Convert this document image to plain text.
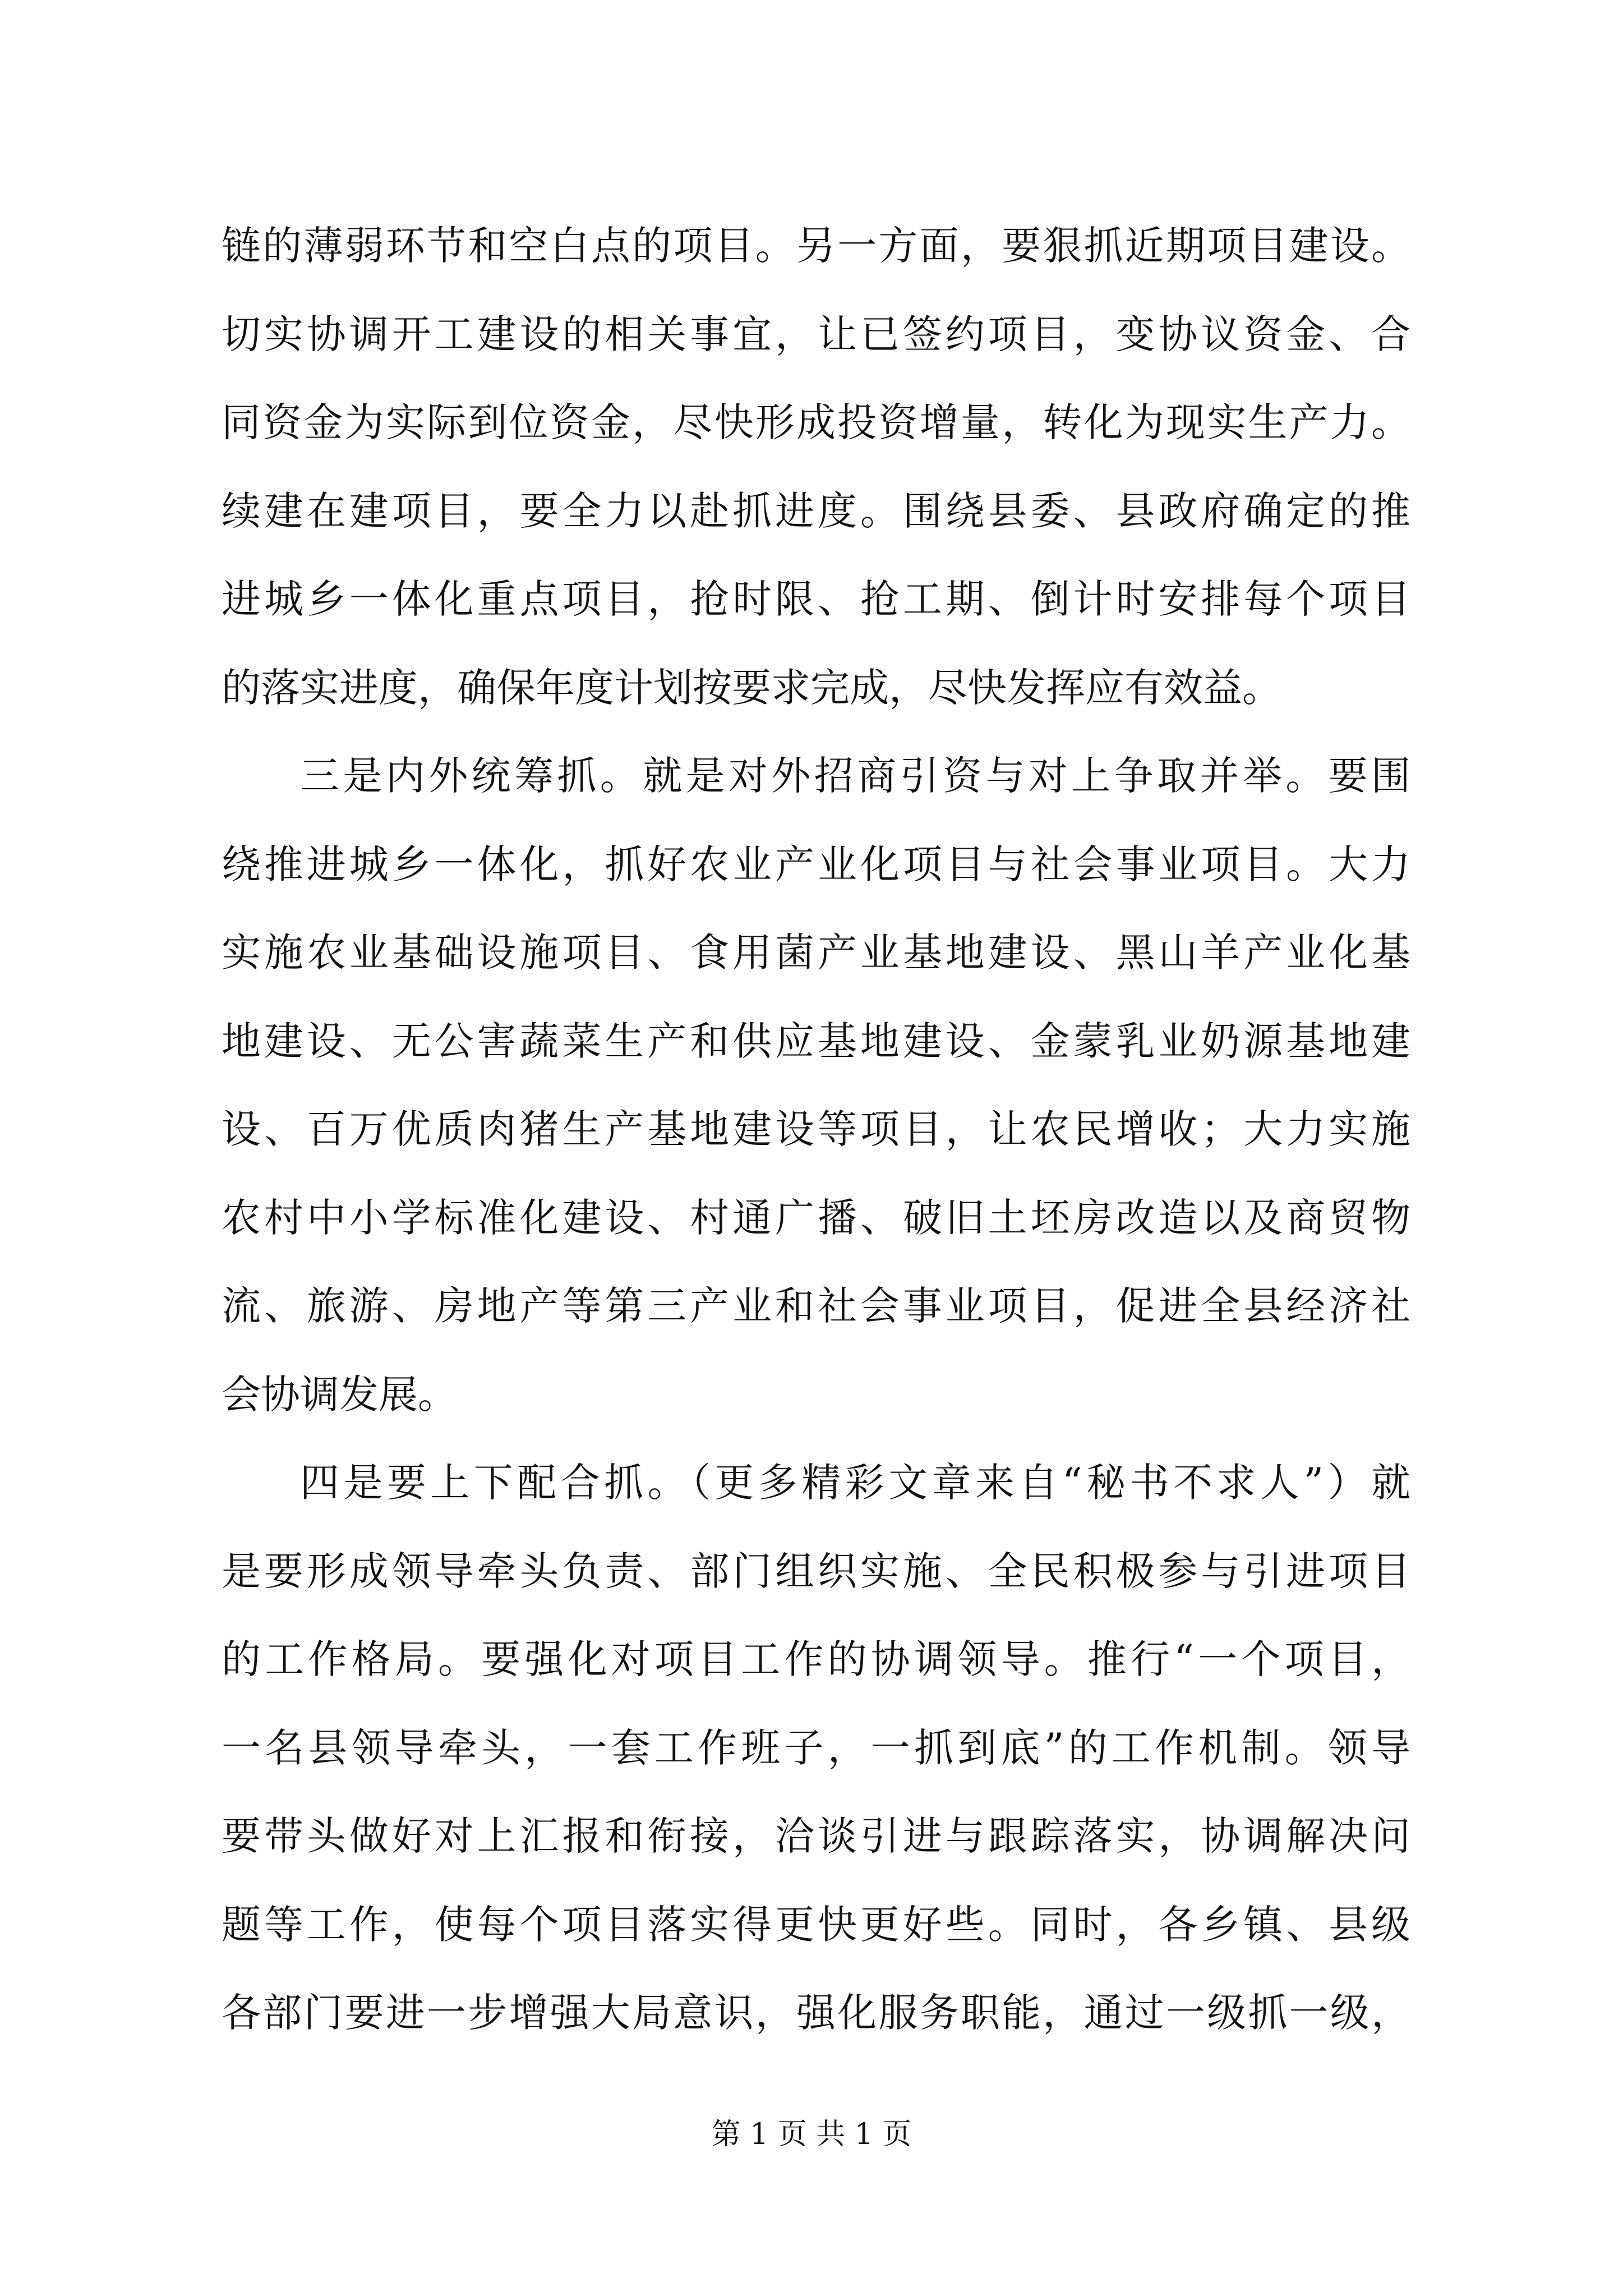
链的薄弱环节和空白点的项目。另一方面，要狠抓近期项目建设。
切实协调开工建设的相关事宜，让已签约项目，变协议资金、合
同资金为实际到位资金，尽快形成投资增量，转化为现实生产力。
续建在建项目，要全力以赴抓进度。围绕县委、县政府确定的推
进城乡一体化重点项目，抢时限、抢工期、倒计时安排每个项目
的落实进度，确保年度计划按要求完成，尽快发挥应有效益。
三是内外统筹抓。就是对外招商引资与对上争取并举。要围
绕推进城乡一体化，抓好农业产业化项目与社会事业项目。大力
实施农业基础设施项目、食用菌产业基地建设、黑山羊产业化基
地建设、无公害蔬菜生产和供应基地建设、金蒙乳业奶源基地建
设、百万优质肉猪生产基地建设等项目，让农民增收；大力实施
农村中小学标准化建设、村通广播、破旧土坯房改造以及商贸物
流、旅游、房地产等第三产业和社会事业项目，促进全县经济社
会协调发展。
四是要上下配合抓。（更多精彩文章来自“秘书不求人”）就
是要形成领导牵头负责、部门组织实施、全民积极参与引进项目
的工作格局。要强化对项目工作的协调领导。推行“一个项目，
一名县领导牵头，一套工作班子，一抓到底”的工作机制。领导
要带头做好对上汇报和衔接，洽谈引进与跟踪落实，协调解决问
题等工作，使每个项目落实得更快更好些。同时，各乡镇、县级
各部门要进一步增强大局意识，强化服务职能，通过一级抓一级，
第 1 页 共 1 页
